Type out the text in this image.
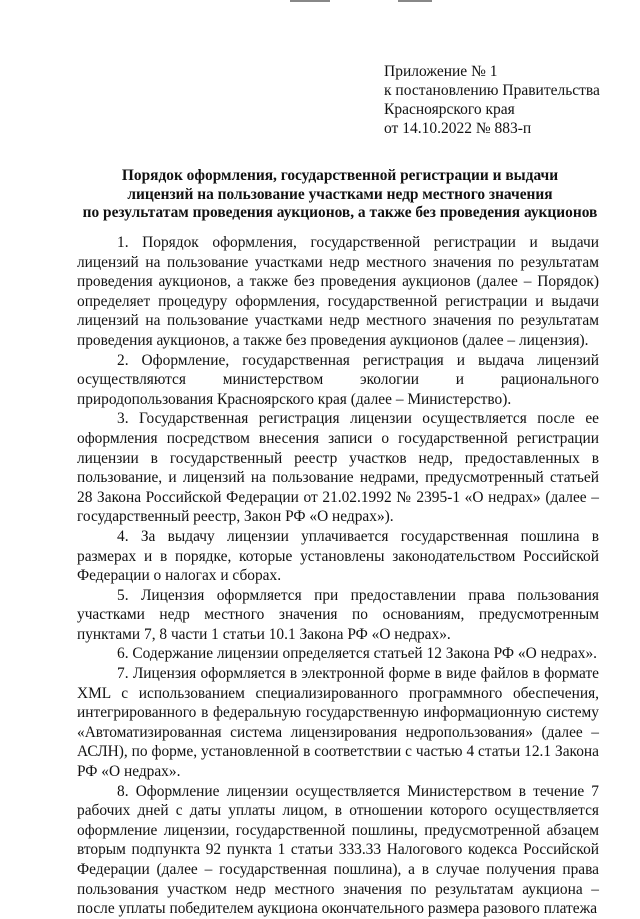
Приложение № 1
к постановлению Правительства
Красноярского края
от 14.10.2022 № 883-п
Порядок оформления, государственной регистрации и выдачи
лицензий на пользование участками недр местного значения
по результатам проведения аукционов, а также без проведения аукционов

1. Порядок оформления, государственной регистрации и выдачи лицензий на пользование участками недр местного значения по результатам проведения аукционов, а также без проведения аукционов (далее – Порядок) определяет процедуру оформления, государственной регистрации и выдачи лицензий на пользование участками недр местного значения по результатам проведения аукционов, а также без проведения аукционов (далее – лицензия).

2. Оформление, государственная регистрация и выдача лицензий осуществляются министерством экологии и рационального природопользования Красноярского края (далее – Министерство).

3. Государственная регистрация лицензии осуществляется после ее оформления посредством внесения записи о государственной регистрации лицензии в государственный реестр участков недр, предоставленных в пользование, и лицензий на пользование недрами, предусмотренный статьей 28 Закона Российской Федерации от 21.02.1992 № 2395-1 «О недрах» (далее – государственный реестр, Закон РФ «О недрах»).

4. За выдачу лицензии уплачивается государственная пошлина в размерах и в порядке, которые установлены законодательством Российской Федерации о налогах и сборах.

5. Лицензия оформляется при предоставлении права пользования участками недр местного значения по основаниям, предусмотренным пунктами 7, 8 части 1 статьи 10.1 Закона РФ «О недрах».

6. Содержание лицензии определяется статьей 12 Закона РФ «О недрах».

7. Лицензия оформляется в электронной форме в виде файлов в формате XML с использованием специализированного программного обеспечения, интегрированного в федеральную государственную информационную систему «Автоматизированная система лицензирования недропользования» (далее – АСЛН), по форме, установленной в соответствии с частью 4 статьи 12.1 Закона РФ «О недрах».

8. Оформление лицензии осуществляется Министерством в течение 7 рабочих дней с даты уплаты лицом, в отношении которого осуществляется оформление лицензии, государственной пошлины, предусмотренной абзацем вторым подпункта 92 пункта 1 статьи 333.33 Налогового кодекса Российской Федерации (далее – государственная пошлина), а в случае получения права пользования участком недр местного значения по результатам аукциона – после уплаты победителем аукциона окончательного размера разового платежа
